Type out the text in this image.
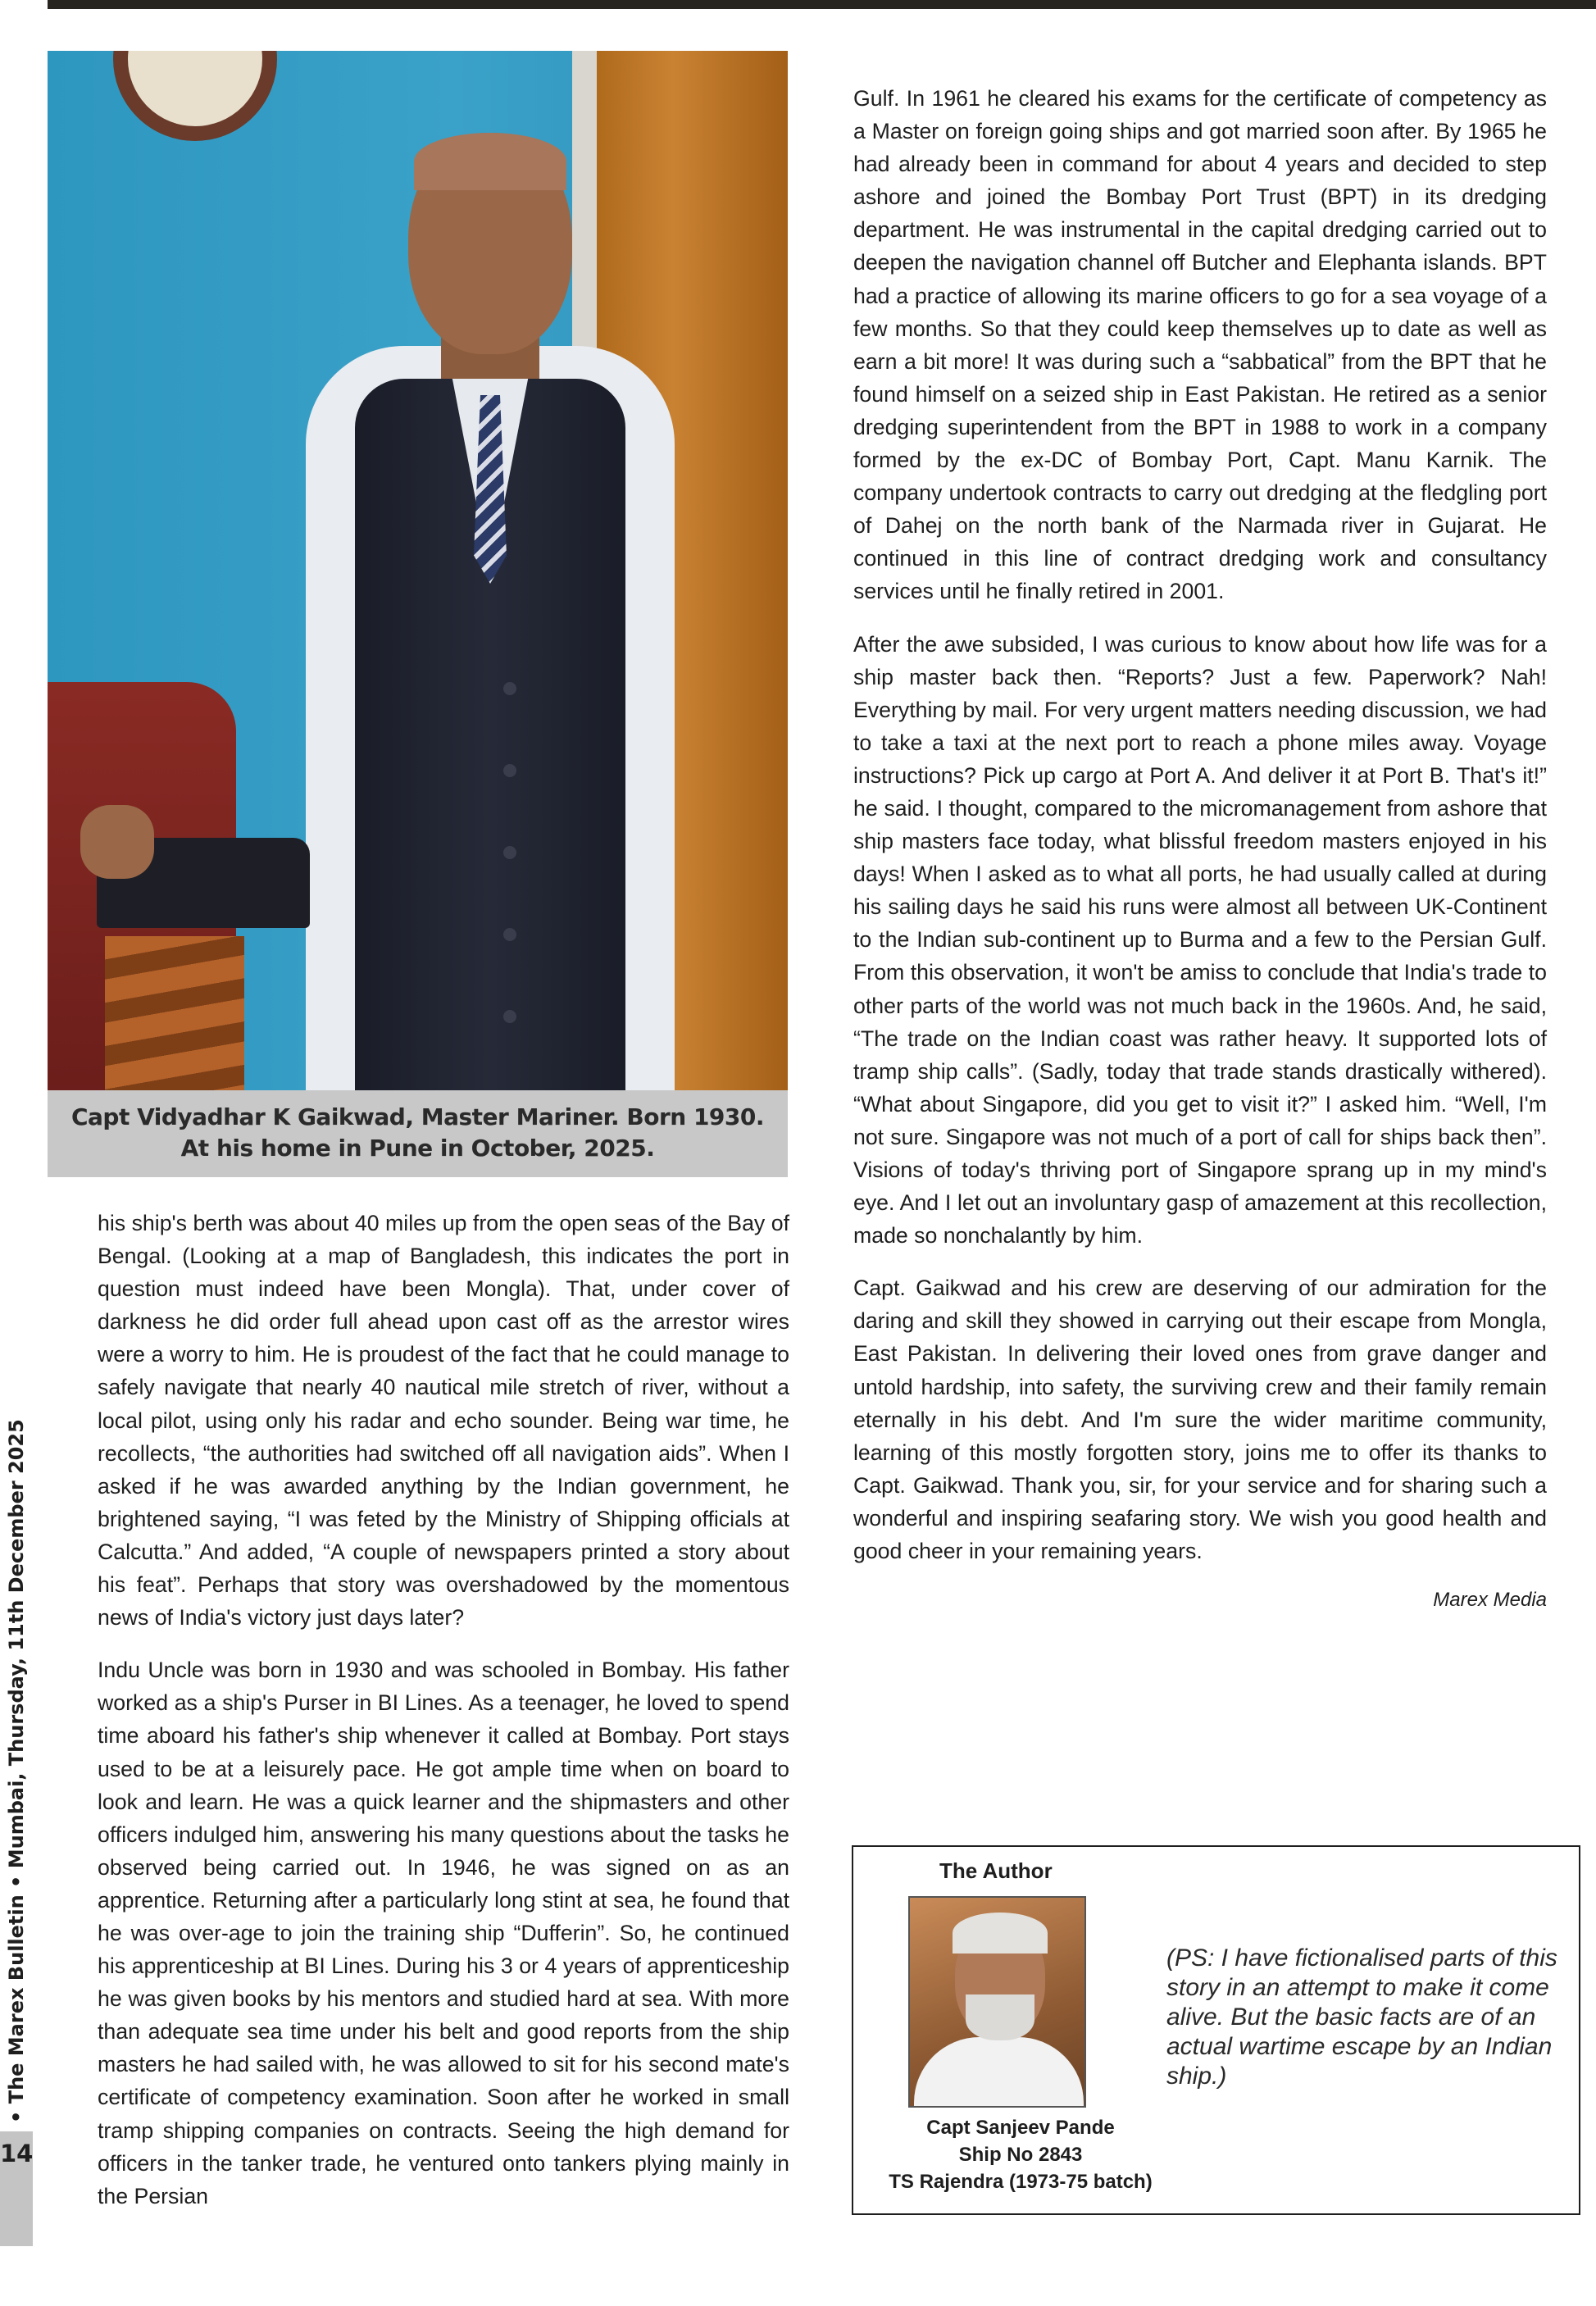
14
• The Marex Bulletin • Mumbai, Thursday, 11th December 2025
Capt Vidyadhar K Gaikwad, Master Mariner. Born 1930.
At his home in Pune in October, 2025.

his ship's berth was about 40 miles up from the open seas of the Bay of Bengal. (Looking at a map of Bangladesh, this indicates the port in question must indeed have been Mongla). That, under cover of darkness he did order full ahead upon cast off as the arrestor wires were a worry to him. He is proudest of the fact that he could manage to safely navigate that nearly 40 nautical mile stretch of river, without a local pilot, using only his radar and echo sounder. Being war time, he recollects, “the authorities had switched off all navigation aids”. When I asked if he was awarded anything by the Indian government, he brightened saying, “I was feted by the Ministry of Shipping officials at Calcutta.” And added, “A couple of newspapers printed a story about his feat”. Perhaps that story was overshadowed by the momentous news of India's victory just days later?

Indu Uncle was born in 1930 and was schooled in Bombay. His father worked as a ship's Purser in BI Lines. As a teenager, he loved to spend time aboard his father's ship whenever it called at Bombay. Port stays used to be at a leisurely pace. He got ample time when on board to look and learn. He was a quick learner and the shipmasters and other officers indulged him, answering his many questions about the tasks he observed being carried out. In 1946, he was signed on as an apprentice. Returning after a particularly long stint at sea, he found that he was over-age to join the training ship “Dufferin”. So, he continued his apprenticeship at BI Lines. During his 3 or 4 years of apprenticeship he was given books by his mentors and studied hard at sea. With more than adequate sea time under his belt and good reports from the ship masters he had sailed with, he was allowed to sit for his second mate's certificate of competency examination. Soon after he worked in small tramp shipping companies on contracts. Seeing the high demand for officers in the tanker trade, he ventured onto tankers plying mainly in the Persian

Gulf. In 1961 he cleared his exams for the certificate of competency as a Master on foreign going ships and got married soon after. By 1965 he had already been in command for about 4 years and decided to step ashore and joined the Bombay Port Trust (BPT) in its dredging department. He was instrumental in the capital dredging carried out to deepen the navigation channel off Butcher and Elephanta islands. BPT had a practice of allowing its marine officers to go for a sea voyage of a few months. So that they could keep themselves up to date as well as earn a bit more! It was during such a “sabbatical” from the BPT that he found himself on a seized ship in East Pakistan. He retired as a senior dredging superintendent from the BPT in 1988 to work in a company formed by the ex-DC of Bombay Port, Capt. Manu Karnik. The company undertook contracts to carry out dredging at the fledgling port of Dahej on the north bank of the Narmada river in Gujarat. He continued in this line of contract dredging work and consultancy services until he finally retired in 2001.

After the awe subsided, I was curious to know about how life was for a ship master back then. “Reports? Just a few. Paperwork? Nah! Everything by mail. For very urgent matters needing discussion, we had to take a taxi at the next port to reach a phone miles away. Voyage instructions? Pick up cargo at Port A. And deliver it at Port B. That's it!” he said. I thought, compared to the micromanagement from ashore that ship masters face today, what blissful freedom masters enjoyed in his days! When I asked as to what all ports, he had usually called at during his sailing days he said his runs were almost all between UK-Continent to the Indian sub-continent up to Burma and a few to the Persian Gulf. From this observation, it won't be amiss to conclude that India's trade to other parts of the world was not much back in the 1960s. And, he said, “The trade on the Indian coast was rather heavy. It supported lots of tramp ship calls”. (Sadly, today that trade stands drastically withered). “What about Singapore, did you get to visit it?” I asked him. “Well, I'm not sure. Singapore was not much of a port of call for ships back then”. Visions of today's thriving port of Singapore sprang up in my mind's eye. And I let out an involuntary gasp of amazement at this recollection, made so nonchalantly by him.

Capt. Gaikwad and his crew are deserving of our admiration for the daring and skill they showed in carrying out their escape from Mongla, East Pakistan. In delivering their loved ones from grave danger and untold hardship, into safety, the surviving crew and their family remain eternally in his debt. And I'm sure the wider maritime community, learning of this mostly forgotten story, joins me to offer its thanks to Capt. Gaikwad. Thank you, sir, for your service and for sharing such a wonderful and inspiring seafaring story. We wish you good health and good cheer in your remaining years.

Marex Media
The Author
Capt Sanjeev Pande
Ship No 2843
TS Rajendra (1973-75 batch)
(PS: I have fictionalised parts of this story in an attempt to make it come alive. But the basic facts are of an actual wartime escape by an Indian ship.)
